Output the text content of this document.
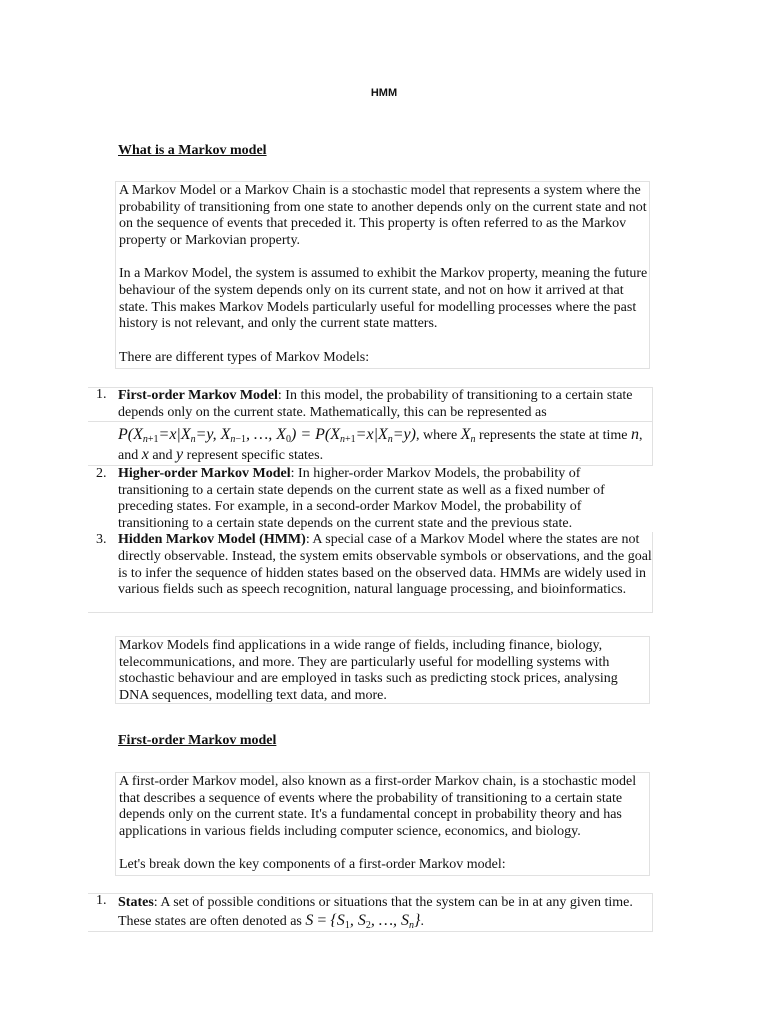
HMM
What is a Markov model

A Markov Model or a Markov Chain is a stochastic model that represents a system where the probability of transitioning from one state to another depends only on the current state and not on the sequence of events that preceded it. This property is often referred to as the Markov property or Markovian property.

In a Markov Model, the system is assumed to exhibit the Markov property, meaning the future behaviour of the system depends only on its current state, and not on how it arrived at that state. This makes Markov Models particularly useful for modelling processes where the past history is not relevant, and only the current state matters.

There are different types of Markov Models:

1. First-order Markov Model: In this model, the probability of transitioning to a certain state depends only on the current state. Mathematically, this can be represented as
$P(X_{n+1}=x|X_n=y$, $X_{n-1}$, …, $X_0) = P(X_{n+1}=x|X_n=y)$, where $X_n$ represents the state at time n, and x and y represent specific states.
2. Higher-order Markov Model: In higher-order Markov Models, the probability of transitioning to a certain state depends on the current state as well as a fixed number of preceding states. For example, in a second-order Markov Model, the probability of transitioning to a certain state depends on the current state and the previous state.
3. Hidden Markov Model (HMM): A special case of a Markov Model where the states are not directly observable. Instead, the system emits observable symbols or observations, and the goal is to infer the sequence of hidden states based on the observed data. HMMs are widely used in various fields such as speech recognition, natural language processing, and bioinformatics.

Markov Models find applications in a wide range of fields, including finance, biology, telecommunications, and more. They are particularly useful for modelling systems with stochastic behaviour and are employed in tasks such as predicting stock prices, analysing DNA sequences, modelling text data, and more.

First-order Markov model

A first-order Markov model, also known as a first-order Markov chain, is a stochastic model that describes a sequence of events where the probability of transitioning to a certain state depends only on the current state. It's a fundamental concept in probability theory and has applications in various fields including computer science, economics, and biology.

Let's break down the key components of a first-order Markov model:

1. States: A set of possible conditions or situations that the system can be in at any given time. These states are often denoted as $S = \{S_1$, $S_2$, …, $S_n$}.
